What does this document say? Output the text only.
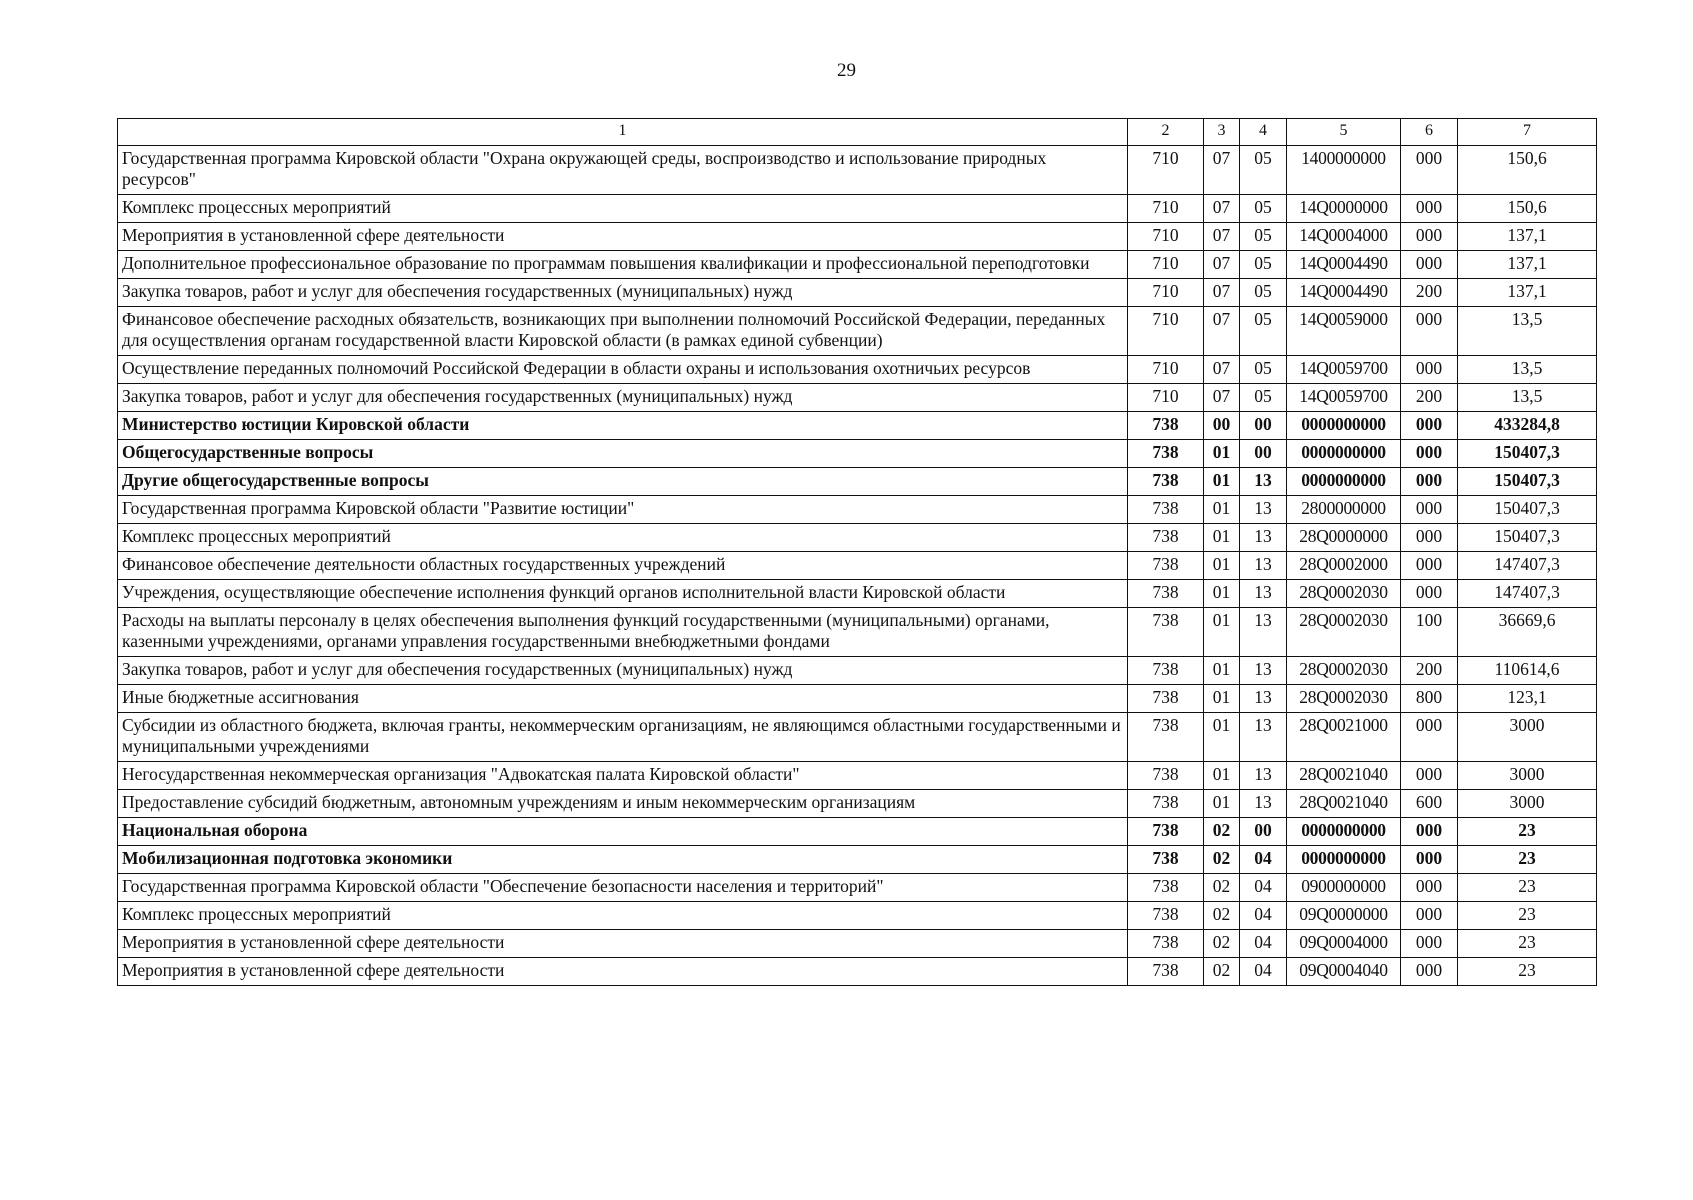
29
1	2	3	4	5	6	7
Государственная программа Кировской области "Охрана окружающей среды, воспроизводство и использование природных ресурсов"	710	07	05	1400000000	000	150,6
Комплекс процессных мероприятий	710	07	05	14Q0000000	000	150,6
Мероприятия в установленной сфере деятельности	710	07	05	14Q0004000	000	137,1
Дополнительное профессиональное образование по программам повышения квалификации и профессиональной переподготовки	710	07	05	14Q0004490	000	137,1
Закупка товаров, работ и услуг для обеспечения государственных (муниципальных) нужд	710	07	05	14Q0004490	200	137,1
Финансовое обеспечение расходных обязательств, возникающих при выполнении полномочий Российской Федерации, переданных для осуществления органам государственной власти Кировской области (в рамках единой субвенции)	710	07	05	14Q0059000	000	13,5
Осуществление переданных полномочий Российской Федерации в области охраны и использования охотничьих ресурсов	710	07	05	14Q0059700	000	13,5
Закупка товаров, работ и услуг для обеспечения государственных (муниципальных) нужд	710	07	05	14Q0059700	200	13,5
Министерство юстиции Кировской области	738	00	00	0000000000	000	433284,8
Общегосударственные вопросы	738	01	00	0000000000	000	150407,3
Другие общегосударственные вопросы	738	01	13	0000000000	000	150407,3
Государственная программа Кировской области "Развитие юстиции"	738	01	13	2800000000	000	150407,3
Комплекс процессных мероприятий	738	01	13	28Q0000000	000	150407,3
Финансовое обеспечение деятельности областных государственных учреждений	738	01	13	28Q0002000	000	147407,3
Учреждения, осуществляющие обеспечение исполнения функций органов исполнительной власти Кировской области	738	01	13	28Q0002030	000	147407,3
Расходы на выплаты персоналу в целях обеспечения выполнения функций государственными (муниципальными) органами, казенными учреждениями, органами управления государственными внебюджетными фондами	738	01	13	28Q0002030	100	36669,6
Закупка товаров, работ и услуг для обеспечения государственных (муниципальных) нужд	738	01	13	28Q0002030	200	110614,6
Иные бюджетные ассигнования	738	01	13	28Q0002030	800	123,1
Субсидии из областного бюджета, включая гранты, некоммерческим организациям, не являющимся областными государственными и муниципальными учреждениями	738	01	13	28Q0021000	000	3000
Негосударственная некоммерческая организация "Адвокатская палата Кировской области"	738	01	13	28Q0021040	000	3000
Предоставление субсидий бюджетным, автономным учреждениям и иным некоммерческим организациям	738	01	13	28Q0021040	600	3000
Национальная оборона	738	02	00	0000000000	000	23
Мобилизационная подготовка экономики	738	02	04	0000000000	000	23
Государственная программа Кировской области "Обеспечение безопасности населения и территорий"	738	02	04	0900000000	000	23
Комплекс процессных мероприятий	738	02	04	09Q0000000	000	23
Мероприятия в установленной сфере деятельности	738	02	04	09Q0004000	000	23
Мероприятия в установленной сфере деятельности	738	02	04	09Q0004040	000	23
